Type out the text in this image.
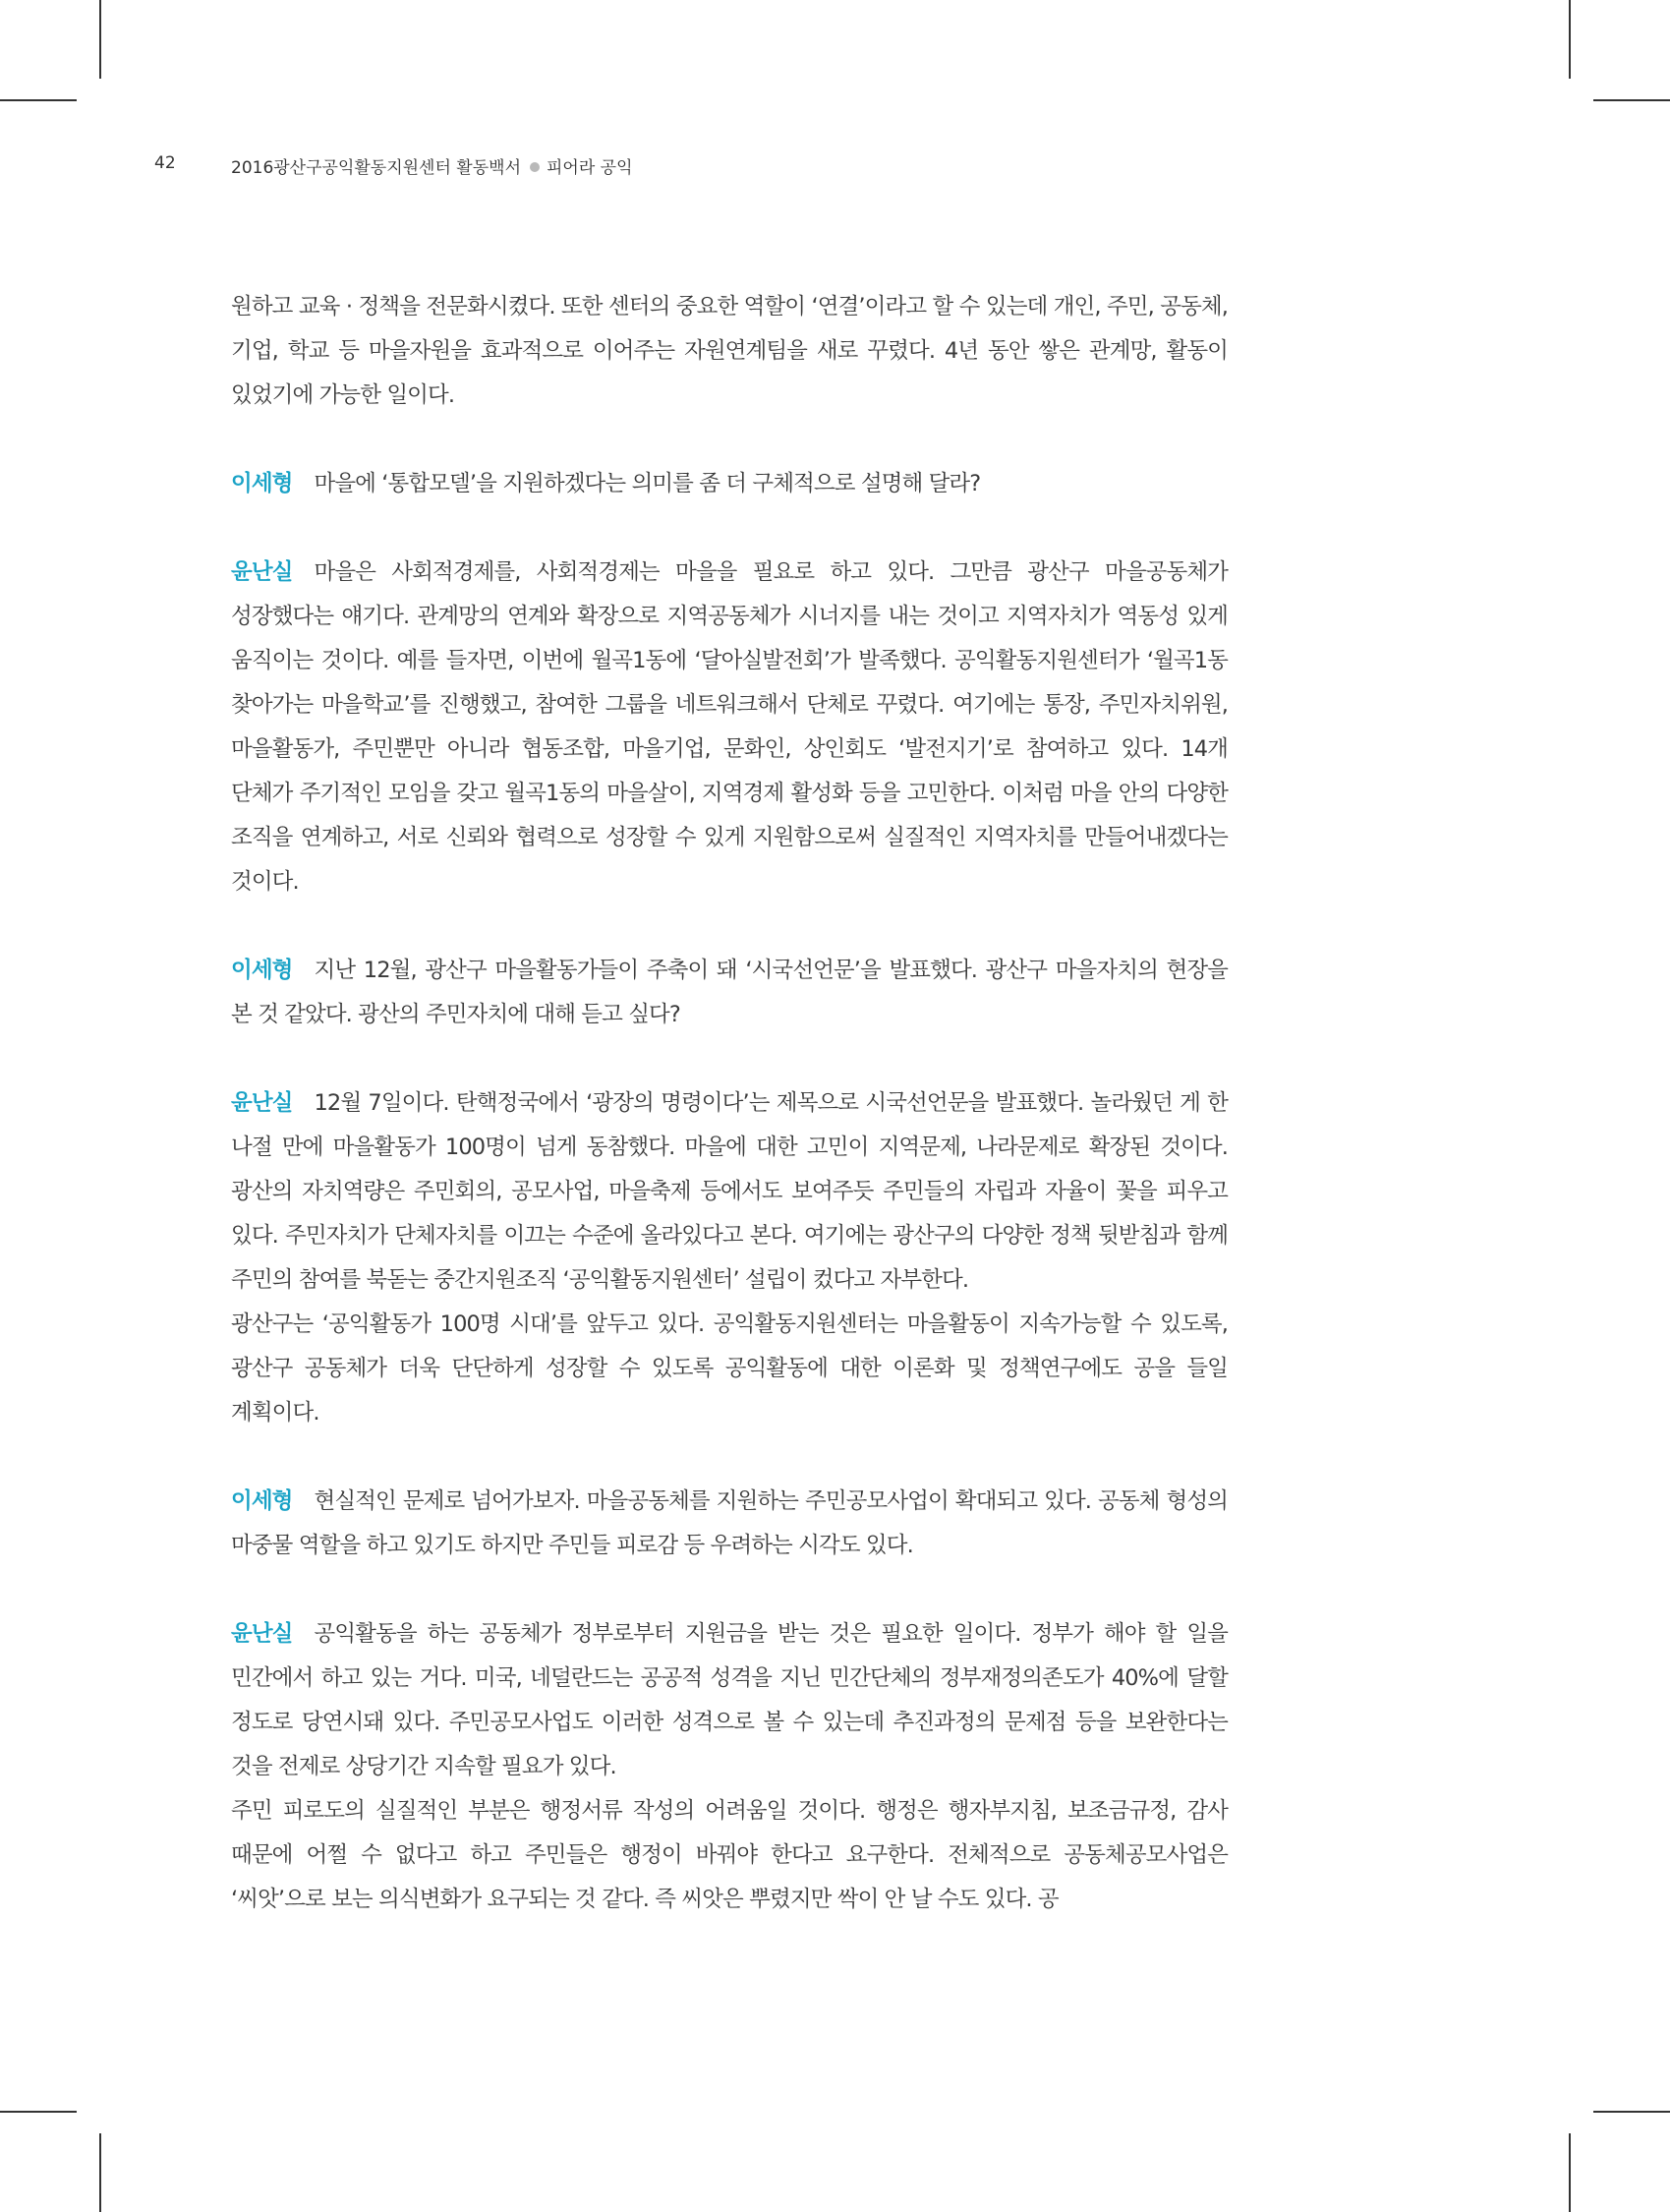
42	2016광산구공익활동지원센터 활동백서 피어라 공익

원하고 교육 · 정책을 전문화시켰다. 또한 센터의 중요한 역할이 ‘연결’이라고 할 수 있는데 개인, 주민, 공동체, 기업, 학교 등 마을자원을 효과적으로 이어주는 자원연계팀을 새로 꾸렸다. 4년 동안 쌓은 관계망, 활동이 있었기에 가능한 일이다.

이세형 마을에 ‘통합모델’을 지원하겠다는 의미를 좀 더 구체적으로 설명해 달라?

윤난실 마을은 사회적경제를, 사회적경제는 마을을 필요로 하고 있다. 그만큼 광산구 마을공동체가 성장했다는 얘기다. 관계망의 연계와 확장으로 지역공동체가 시너지를 내는 것이고 지역자치가 역동성 있게 움직이는 것이다. 예를 들자면, 이번에 월곡1동에 ‘달아실발전회’가 발족했다. 공익활동지원센터가 ‘월곡1동 찾아가는 마을학교’를 진행했고, 참여한 그룹을 네트워크해서 단체로 꾸렸다. 여기에는 통장, 주민자치위원, 마을활동가, 주민뿐만 아니라 협동조합, 마을기업, 문화인, 상인회도 ‘발전지기’로 참여하고 있다. 14개 단체가 주기적인 모임을 갖고 월곡1동의 마을살이, 지역경제 활성화 등을 고민한다. 이처럼 마을 안의 다양한 조직을 연계하고, 서로 신뢰와 협력으로 성장할 수 있게 지원함으로써 실질적인 지역자치를 만들어내겠다는 것이다.

이세형 지난 12월, 광산구 마을활동가들이 주축이 돼 ‘시국선언문’을 발표했다. 광산구 마을자치의 현장을 본 것 같았다. 광산의 주민자치에 대해 듣고 싶다?

윤난실 12월 7일이다. 탄핵정국에서 ‘광장의 명령이다’는 제목으로 시국선언문을 발표했다. 놀라웠던 게 한 나절 만에 마을활동가 100명이 넘게 동참했다. 마을에 대한 고민이 지역문제, 나라문제로 확장된 것이다. 광산의 자치역량은 주민회의, 공모사업, 마을축제 등에서도 보여주듯 주민들의 자립과 자율이 꽃을 피우고 있다. 주민자치가 단체자치를 이끄는 수준에 올라있다고 본다. 여기에는 광산구의 다양한 정책 뒷받침과 함께 주민의 참여를 북돋는 중간지원조직 ‘공익활동지원센터’ 설립이 컸다고 자부한다.

광산구는 ‘공익활동가 100명 시대’를 앞두고 있다. 공익활동지원센터는 마을활동이 지속가능할 수 있도록, 광산구 공동체가 더욱 단단하게 성장할 수 있도록 공익활동에 대한 이론화 및 정책연구에도 공을 들일 계획이다.

이세형 현실적인 문제로 넘어가보자. 마을공동체를 지원하는 주민공모사업이 확대되고 있다. 공동체 형성의 마중물 역할을 하고 있기도 하지만 주민들 피로감 등 우려하는 시각도 있다.

윤난실 공익활동을 하는 공동체가 정부로부터 지원금을 받는 것은 필요한 일이다. 정부가 해야 할 일을 민간에서 하고 있는 거다. 미국, 네덜란드는 공공적 성격을 지닌 민간단체의 정부재정의존도가 40%에 달할 정도로 당연시돼 있다. 주민공모사업도 이러한 성격으로 볼 수 있는데 추진과정의 문제점 등을 보완한다는 것을 전제로 상당기간 지속할 필요가 있다.

주민 피로도의 실질적인 부분은 행정서류 작성의 어려움일 것이다. 행정은 행자부지침, 보조금규정, 감사 때문에 어쩔 수 없다고 하고 주민들은 행정이 바꿔야 한다고 요구한다. 전체적으로 공동체공모사업은 ‘씨앗’으로 보는 의식변화가 요구되는 것 같다. 즉 씨앗은 뿌렸지만 싹이 안 날 수도 있다. 공
